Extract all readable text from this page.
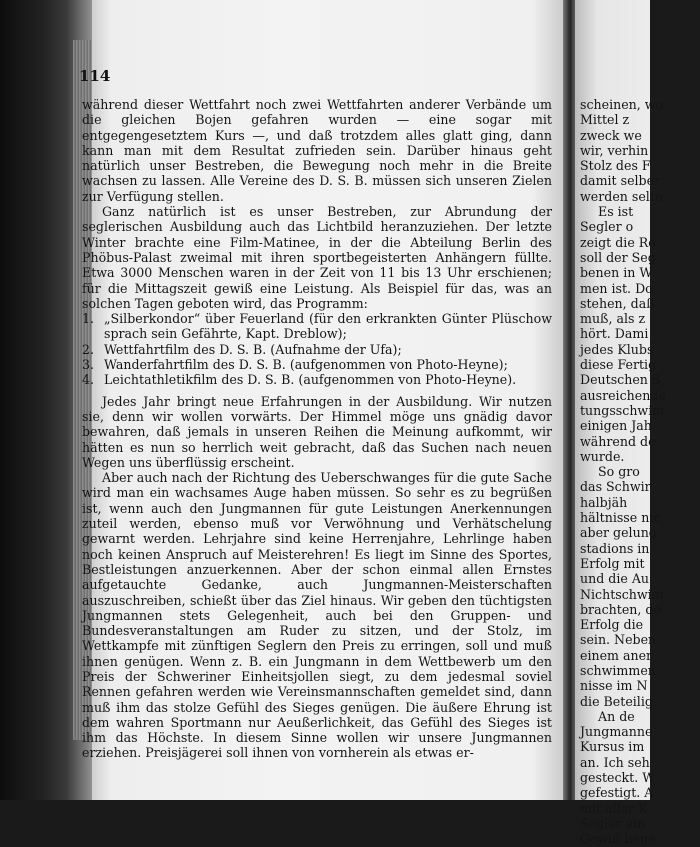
114

während dieser Wettfahrt noch zwei Wettfahrten anderer Verbände um die gleichen Bojen gefahren wurden — eine sogar mit entgegengesetztem Kurs —, und daß trotzdem alles glatt ging, dann kann man mit dem Resultat zufrieden sein. Darüber hinaus geht natürlich unser Bestreben, die Bewegung noch mehr in die Breite wachsen zu lassen. Alle Vereine des D. S. B. müssen sich unseren Zielen zur Verfügung stellen.

Ganz natürlich ist es unser Bestreben, zur Abrundung der seglerischen Ausbildung auch das Lichtbild heranzuziehen. Der letzte Winter brachte eine Film-Matinee, in der die Abteilung Berlin des Phöbus-Palast zweimal mit ihren sportbegeisterten Anhängern füllte. Etwa 3000 Menschen waren in der Zeit von 11 bis 13 Uhr erschienen; für die Mittagszeit gewiß eine Leistung. Als Beispiel für das, was an solchen Tagen geboten wird, das Programm:

1. „Silberkondor“ über Feuerland (für den erkrankten Günter Plüschow sprach sein Gefährte, Kapt. Dreblow);
2. Wettfahrtfilm des D. S. B. (Aufnahme der Ufa);
3. Wanderfahrtfilm des D. S. B. (aufgenommen von Photo-Heyne);
4. Leichtathletikfilm des D. S. B. (aufgenommen von Photo-Heyne).

Jedes Jahr bringt neue Erfahrungen in der Ausbildung. Wir nutzen sie, denn wir wollen vorwärts. Der Himmel möge uns gnädig davor bewahren, daß jemals in unseren Reihen die Meinung aufkommt, wir hätten es nun so herrlich weit gebracht, daß das Suchen nach neuen Wegen uns überflüssig erscheint.

Aber auch nach der Richtung des Ueberschwanges für die gute Sache wird man ein wachsames Auge haben müssen. So sehr es zu begrüßen ist, wenn auch den Jungmannen für gute Leistungen Anerkennungen zuteil werden, ebenso muß vor Verwöhnung und Verhätschelung gewarnt werden. Lehrjahre sind keine Herrenjahre, Lehrlinge haben noch keinen Anspruch auf Meisterehren! Es liegt im Sinne des Sportes, Bestleistungen anzuerkennen. Aber der schon einmal allen Ernstes aufgetauchte Gedanke, auch Jungmannen-Meisterschaften auszuschreiben, schießt über das Ziel hinaus. Wir geben den tüchtigsten Jungmannen stets Gelegenheit, auch bei den Gruppen- und Bundesveranstaltungen am Ruder zu sitzen, und der Stolz, im Wettkampfe mit zünftigen Seglern den Preis zu erringen, soll und muß ihnen genügen. Wenn z. B. ein Jungmann in dem Wettbewerb um den Preis der Schweriner Einheitsjollen siegt, zu dem jedesmal soviel Rennen gefahren werden wie Vereinsmannschaften gemeldet sind, dann muß ihm das stolze Gefühl des Sieges genügen. Die äußere Ehrung ist dem wahren Sportmann nur Aeußerlichkeit, das Gefühl des Sieges ist ihm das Höchste. In diesem Sinne wollen wir unsere Jungmannen erziehen. Preisjägerei soll ihnen von vornherein als etwas er-

scheinen, wo
Mittel z
zweck we
wir, verhin
Stolz des F
damit selber
werden selte
Es ist
Segler o
zeigt die Ro
soll der Seg
benen in W
men ist. Do
stehen, daß
muß, als z
hört. Dami
jedes Klubs
diese Fertig
Deutschen S
ausreichende
tungsschwim
einigen Jah
während de
wurde.
So gro
das Schwir
halbjäh
hältnisse nic
aber gelung
stadions in
Erfolg mit
und die Au
Nichtschwim
brachten, de
Erfolg die
sein. Neben
einem aner
schwimmen
nisse im N
die Beteilig
An de
Jungmanne
Kursus im
an. Ich seh
gesteckt. W
gefestigt. A
mit aller K
Segler ein
Gewiß liege
